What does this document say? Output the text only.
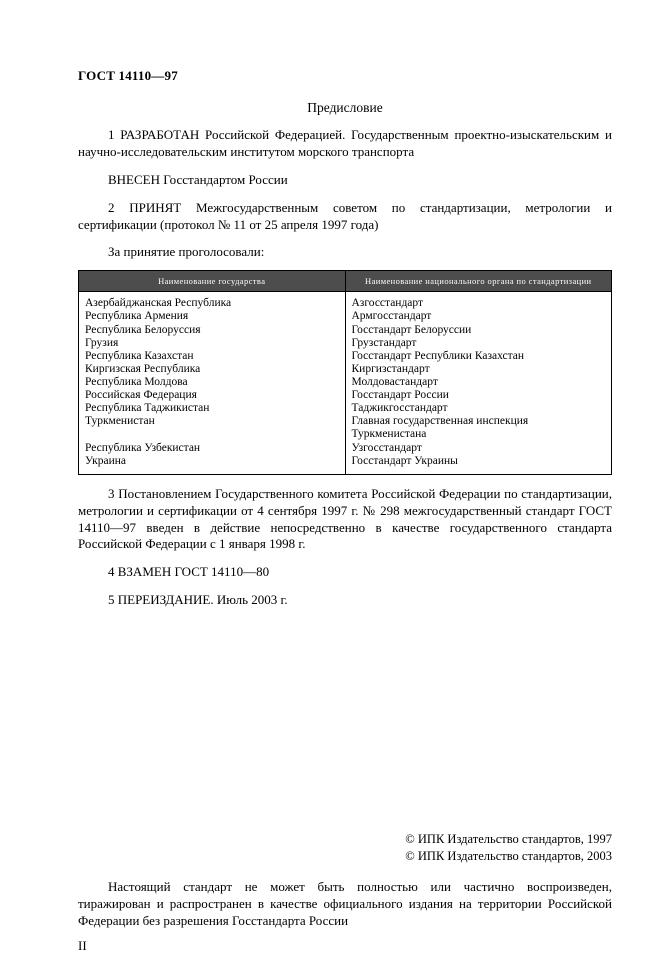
ГОСТ 14110—97
Предисловие

1 РАЗРАБОТАН Российской Федерацией. Государственным проектно-изыскательским и научно-исследовательским институтом морского транспорта

ВНЕСЕН Госстандартом России

2 ПРИНЯТ Межгосударственным советом по стандартизации, метрологии и сертификации (протокол № 11 от 25 апреля 1997 года)

За принятие проголосовали:

Наименование государства	Наименование национального органа по стандартизации
Азербайджанская Республика	Азгосстандарт
Республика Армения	Армгосстандарт
Республика Белоруссия	Госстандарт Белоруссии
Грузия	Грузстандарт
Республика Казахстан	Госстандарт Республики Казахстан
Киргизская Республика	Киргизстандарт
Республика Молдова	Молдовастандарт
Российская Федерация	Госстандарт России
Республика Таджикистан	Таджикгосстандарт
Туркменистан	Главная государственная инспекция Туркменистана
Республика Узбекистан	Узгосстандарт
Украина	Госстандарт Украины

3 Постановлением Государственного комитета Российской Федерации по стандартизации, метрологии и сертификации от 4 сентября 1997 г. № 298 межгосударственный стандарт ГОСТ 14110—97 введен в действие непосредственно в качестве государственного стандарта Российской Федерации с 1 января 1998 г.

4 ВЗАМЕН ГОСТ 14110—80

5 ПЕРЕИЗДАНИЕ. Июль 2003 г.

© ИПК Издательство стандартов, 1997
© ИПК Издательство стандартов, 2003

Настоящий стандарт не может быть полностью или частично воспроизведен, тиражирован и распространен в качестве официального издания на территории Российской Федерации без разрешения Госстандарта России

II
